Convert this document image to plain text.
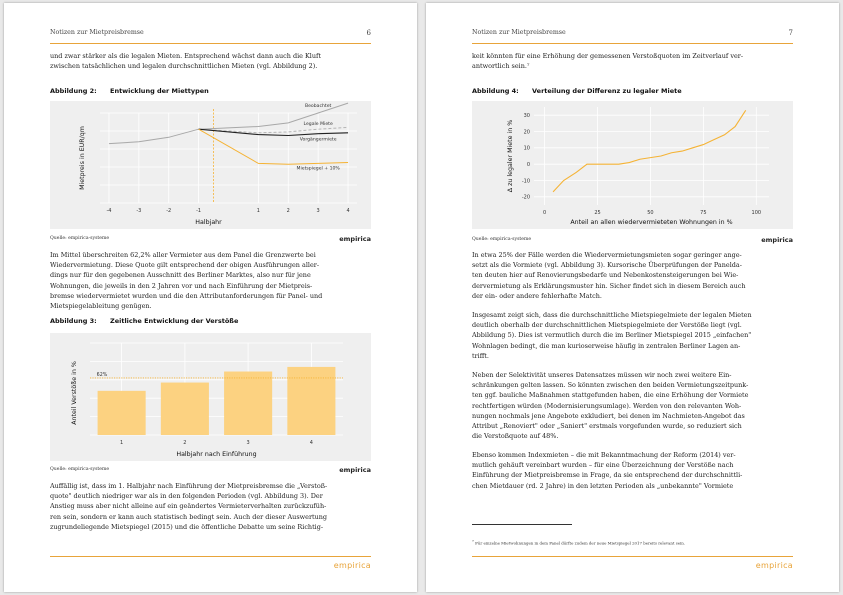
Notizen zur Mietpreisbremse	6
und zwar stärker als die legalen Mieten. Entsprechend wächst dann auch die Kluft
zwischen tatsächlichen und legalen durchschnittlichen Mieten (vgl. Abbildung 2).
Abbildung 2: Entwicklung der Miettypen
Beobachtet
Legale Miete
Vorgängermiete
Mietspiegel + 10%
-4	-3	-2	-1	1	2	3	4
Halbjahr
Mietpreis in EUR/qm
Quelle: empirica-systeme	empirica
Im Mittel überschreiten 62,2% aller Vermieter aus dem Panel die Grenzwerte bei
Wiedervermietung. Diese Quote gilt entsprechend der obigen Ausführungen aller-
dings nur für den gegebenen Ausschnitt des Berliner Marktes, also nur für jene
Wohnungen, die jeweils in den 2 Jahren vor und nach Einführung der Mietpreis-
bremse wiedervermietet wurden und die den Attributanforderungen für Panel- und
Mietspiegelableitung genügen.
Abbildung 3: Zeitliche Entwicklung der Verstöße
62%
1	2	3	4
Halbjahr nach Einführung
Anteil Verstöße in %
Quelle: empirica-systeme	empirica
Auffällig ist, dass im 1. Halbjahr nach Einführung der Mietpreisbremse die „Verstoß-
quote" deutlich niedriger war als in den folgenden Perioden (vgl. Abbildung 3). Der
Anstieg muss aber nicht alleine auf ein geändertes Vermieterverhalten zurückzufüh-
ren sein, sondern er kann auch statistisch bedingt sein. Auch der dieser Auswertung
zugrundeliegende Mietspiegel (2015) und die öffentliche Debatte um seine Richtig-
empirica
Notizen zur Mietpreisbremse	7
keit könnten für eine Erhöhung der gemessenen Verstoßquoten im Zeitverlauf ver-
antwortlich sein.⁷
Abbildung 4: Verteilung der Differenz zu legaler Miete
-20
-10
0
10
20
30
0	25	50	75	100
Anteil an allen wiedervermieteten Wohnungen in %
Δ zu legaler Miete in %
Quelle: empirica-systeme	empirica
In etwa 25% der Fälle werden die Wiedervermietungsmieten sogar geringer ange-
setzt als die Vormiete (vgl. Abbildung 3). Kursorische Überprüfungen der Panelda-
ten deuten hier auf Renovierungsbedarfe und Nebenkostensteigerungen bei Wie-
dervermietung als Erklärungsmuster hin. Sicher findet sich in diesem Bereich auch
der ein- oder andere fehlerhafte Match.
Insgesamt zeigt sich, dass die durchschnittliche Mietspiegelmiete der legalen Mieten
deutlich oberhalb der durchschnittlichen Mietspiegelmiete der Verstöße liegt (vgl.
Abbildung 5). Dies ist vermutlich durch die im Berliner Mietspiegel 2015 „einfachen"
Wohnlagen bedingt, die man kurioserweise häufig in zentralen Berliner Lagen an-
trifft.
Neben der Selektivität unseres Datensatzes müssen wir noch zwei weitere Ein-
schränkungen gelten lassen. So könnten zwischen den beiden Vermietungszeitpunk-
ten ggf. bauliche Maßnahmen stattgefunden haben, die eine Erhöhung der Vormiete
rechtfertigen würden (Modernisierungsumlage). Werden von den relevanten Woh-
nungen nochmals jene Angebote exkludiert, bei denen im Nachmieten-Angebot das
Attribut „Renoviert" oder „Saniert" erstmals vorgefunden wurde, so reduziert sich
die Verstoßquote auf 48%.
Ebenso kommen Indexmieten – die mit Bekanntmachung der Reform (2014) ver-
mutlich gehäuft vereinbart wurden – für eine Überzeichnung der Verstöße nach
Einführung der Mietpreisbremse in Frage, da sie entsprechend der durchschnittli-
chen Mietdauer (rd. 2 Jahre) in den letzten Perioden als „unbekannte" Vormiete
$^7$ Für einzelne Mietwohnungen in dem Panel dürfte zudem der neue Mietspiegel 2017 bereits relevant sein.
empirica
